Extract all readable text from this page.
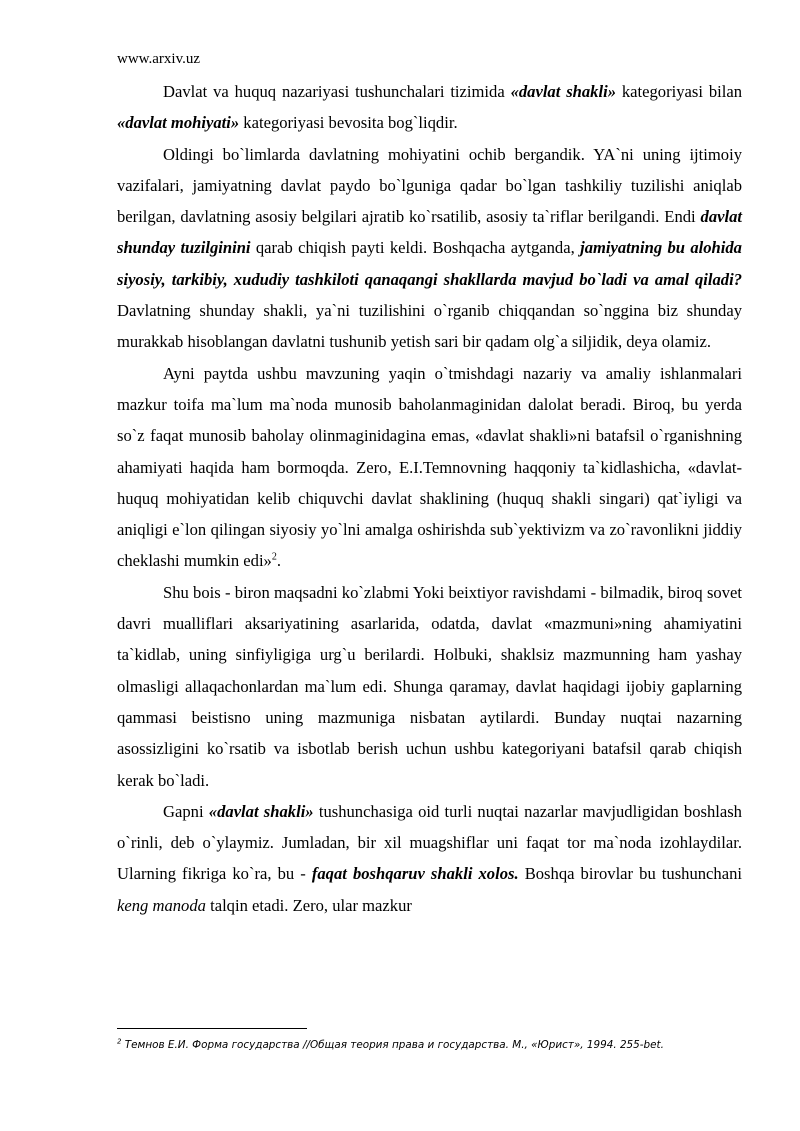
www.arxiv.uz

Davlat va huquq nazariyasi tushunchalari tizimida «davlat shakli» kategoriyasi bilan «davlat mohiyati» kategoriyasi bevosita bog`liqdir.

Oldingi bo`limlarda davlatning mohiyatini ochib bergandik. YA`ni uning ijtimoiy vazifalari, jamiyatning davlat paydo bo`lguniga qadar bo`lgan tashkiliy tuzilishi aniqlab berilgan, davlatning asosiy belgilari ajratib ko`rsatilib, asosiy ta`riflar berilgandi. Endi davlat shunday tuzilginini qarab chiqish payti keldi. Boshqacha aytganda, jamiyatning bu alohida siyosiy, tarkibiy, xududiy tashkiloti qanaqangi shakllarda mavjud bo`ladi va amal qiladi? Davlatning shunday shakli, ya`ni tuzilishini o`rganib chiqqandan so`nggina biz shunday murakkab hisoblangan davlatni tushunib yetish sari bir qadam olg`a siljidik, deya olamiz.

Ayni paytda ushbu mavzuning yaqin o`tmishdagi nazariy va amaliy ishlanmalari mazkur toifa ma`lum ma`noda munosib baholanmaginidan dalolat beradi. Biroq, bu yerda so`z faqat munosib baholay olinmaginidagina emas, «davlat shakli»ni batafsil o`rganishning ahamiyati haqida ham bormoqda. Zero, E.I.Temnovning haqqoniy ta`kidlashicha, «davlat-huquq mohiyatidan kelib chiquvchi davlat shaklining (huquq shakli singari) qat`iyligi va aniqligi e`lon qilingan siyosiy yo`lni amalga oshirishda sub`yektivizm va zo`ravonlikni jiddiy cheklashi mumkin edi»$^2$.

Shu bois - biron maqsadni ko`zlabmi Yoki beixtiyor ravishdami - bilmadik, biroq sovet davri mualliflari aksariyatining asarlarida, odatda, davlat «mazmuni»ning ahamiyatini ta`kidlab, uning sinfiyligiga urg`u berilardi. Holbuki, shaklsiz mazmunning ham yashay olmasligi allaqachonlardan ma`lum edi. Shunga qaramay, davlat haqidagi ijobiy gaplarning qammasi beistisno uning mazmuniga nisbatan aytilardi. Bunday nuqtai nazarning asossizligini ko`rsatib va isbotlab berish uchun ushbu kategoriyani batafsil qarab chiqish kerak bo`ladi.

Gapni «davlat shakli» tushunchasiga oid turli nuqtai nazarlar mavjudligidan boshlash o`rinli, deb o`ylaymiz. Jumladan, bir xil muagshiflar uni faqat tor ma`noda izohlaydilar. Ularning fikriga ko`ra, bu - faqat boshqaruv shakli xolos. Boshqa birovlar bu tushunchani keng manoda talqin etadi. Zero, ular mazkur

$^2$ Темнов Е.И. Форма государства //Общая теория права и государства. М., «Юрист», 1994. 255-bet.
